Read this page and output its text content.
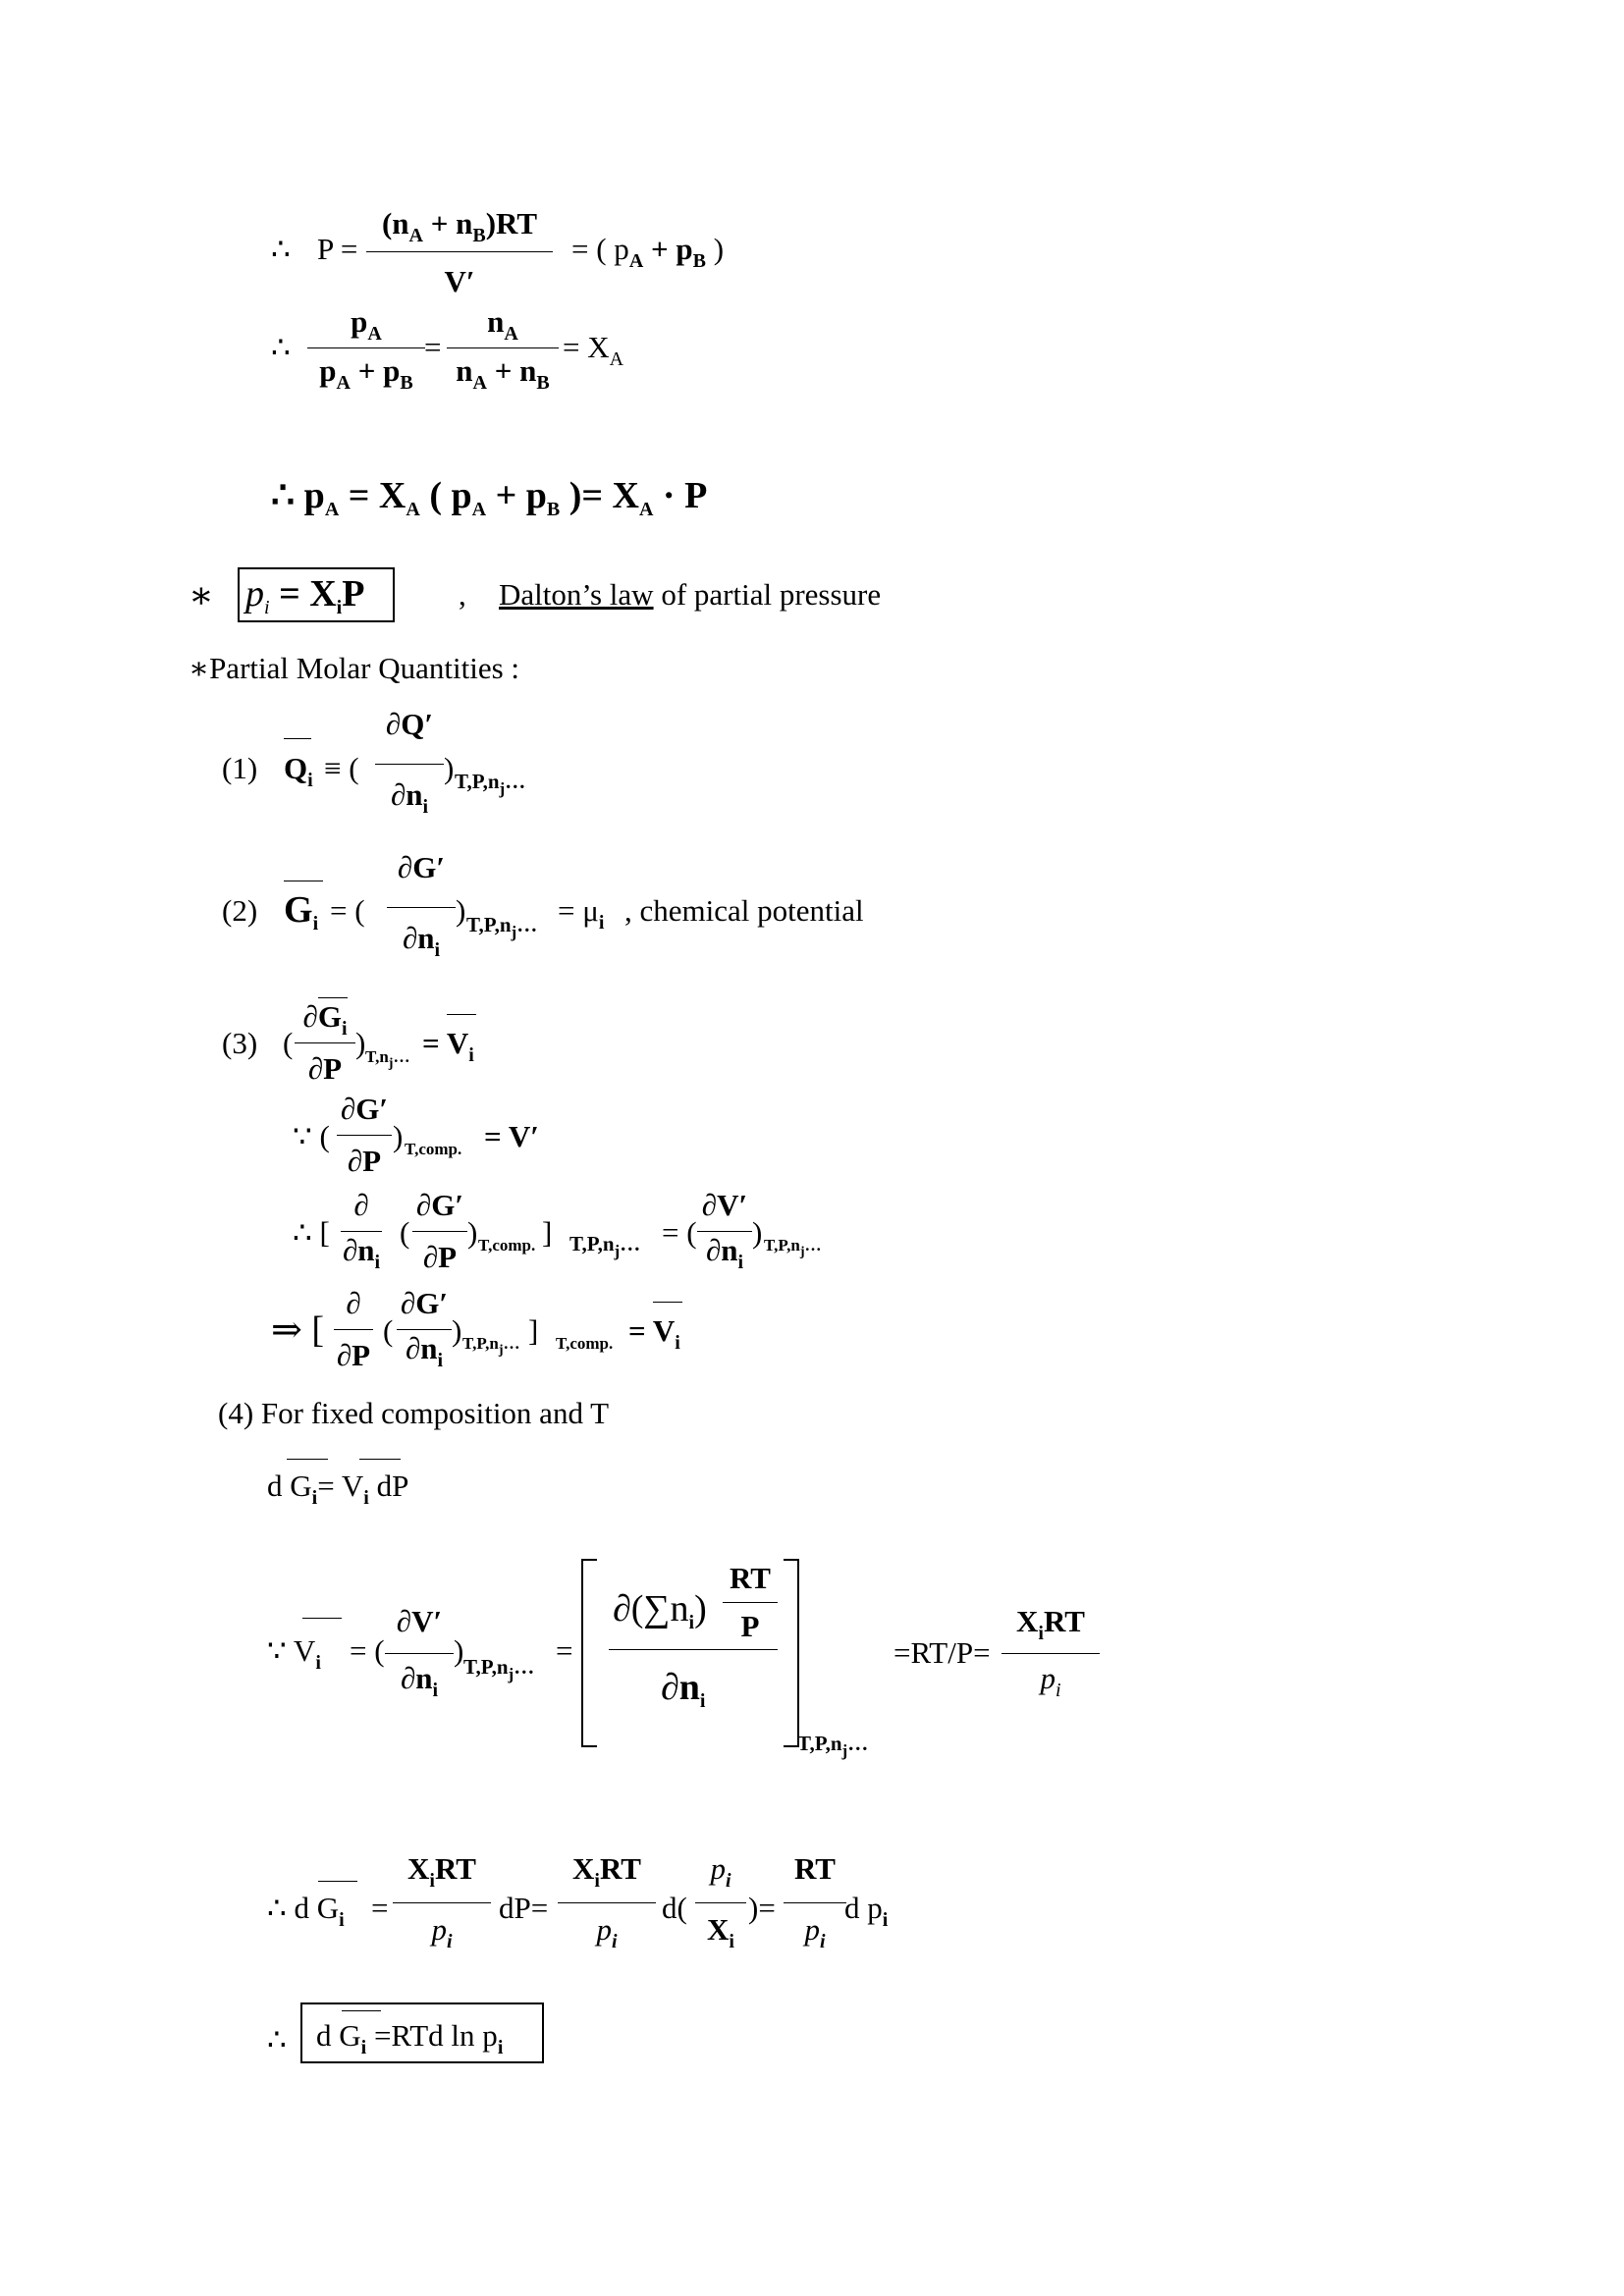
∴ P =
$(n_A + n_B)RT$
V′
= ( $p_A + p_B$ )
∴
$p_A$
$p_A + p_B$
=
$n_A$
$n_A + n_B$
= $X_A$
∴ $p_A = X_A$ ( $p_A + p_B$ )= $X_A \cdot P$
∗ $p_i = X_iP$	, Dalton’s law of partial pressure
∗Partial Molar Quantities :
(1) $Q_i$ ≡ (
∂Q′
$\partial n_i$
) $T,P,n_j\dots$
(2) $G_i$ = (
∂G′
$\partial n_i$
) $T,P,n_j\dots = \mu_i$ , chemical potential
(3) (
$\partial G_i$
∂P
) $T,n_j\dots = V_i$
∵ (
∂G′
∂P
) T,comp. = V′
∴ [
∂
$\partial n_i$
(
∂G′
∂P
) T,comp. ] $T,P,n_j\dots$ = (
∂V′
$\partial n_i$
) $T,P,n_j\dots$
⇒ [
∂
∂P
(
∂G′
$\partial n_i$
) $T,P,n_j\dots$ ] T,comp. = $V_i$
(4) For fixed composition and T
d $G_i= V_i$ dP
∵ $V_i$ = (
∂V′
$\partial n_i$
) $T,P,n_j\dots$ =
$\partial(\sum n_i)$
RT
P
$\partial n_i$
$T,P,n_j\dots$
=RT/P=
$X_iRT$
$p_i$
∴ d $G_i$ =
$X_iRT$
$p_i$
dP=
$X_iRT$
$p_i$
d(
$p_i$
$X_i$
)=
RT
$p_i$
d $p_i$
∴ d $G_i =RTd$ $\ln p_i$
